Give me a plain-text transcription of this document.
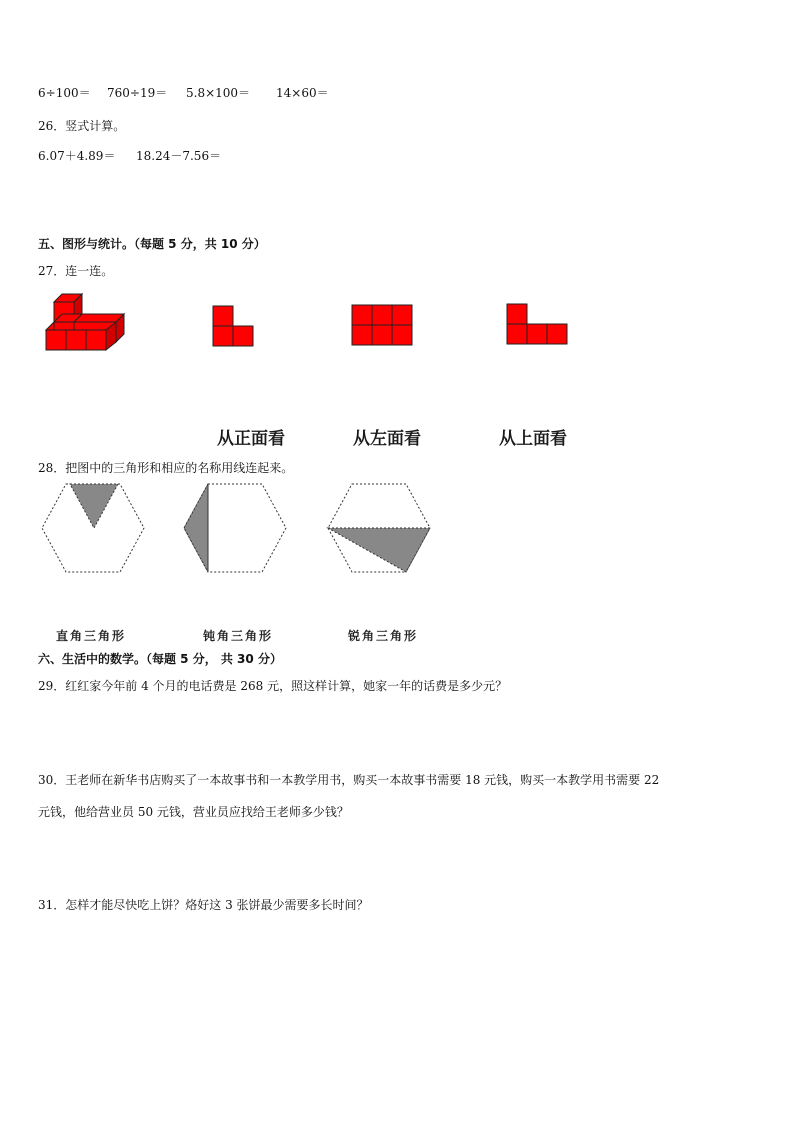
6÷100＝ 760÷19＝ 5.8×100＝ 14×60＝
26．竖式计算。
6.07＋4.89＝ 18.24－7.56＝
五、图形与统计。（每题 5 分，共 10 分）
27．连一连。
从正面看	从左面看	从上面看
28．把图中的三角形和相应的名称用线连起来。
直角三角形	钝角三角形	锐角三角形
六、生活中的数学。（每题 5 分， 共 30 分）
29．红红家今年前 4 个月的电话费是 268 元，照这样计算，她家一年的话费是多少元？
30．王老师在新华书店购买了一本故事书和一本教学用书，购买一本故事书需要 18 元钱，购买一本教学用书需要 22
元钱，他给营业员 50 元钱，营业员应找给王老师多少钱？
31．怎样才能尽快吃上饼？烙好这 3 张饼最少需要多长时间？
